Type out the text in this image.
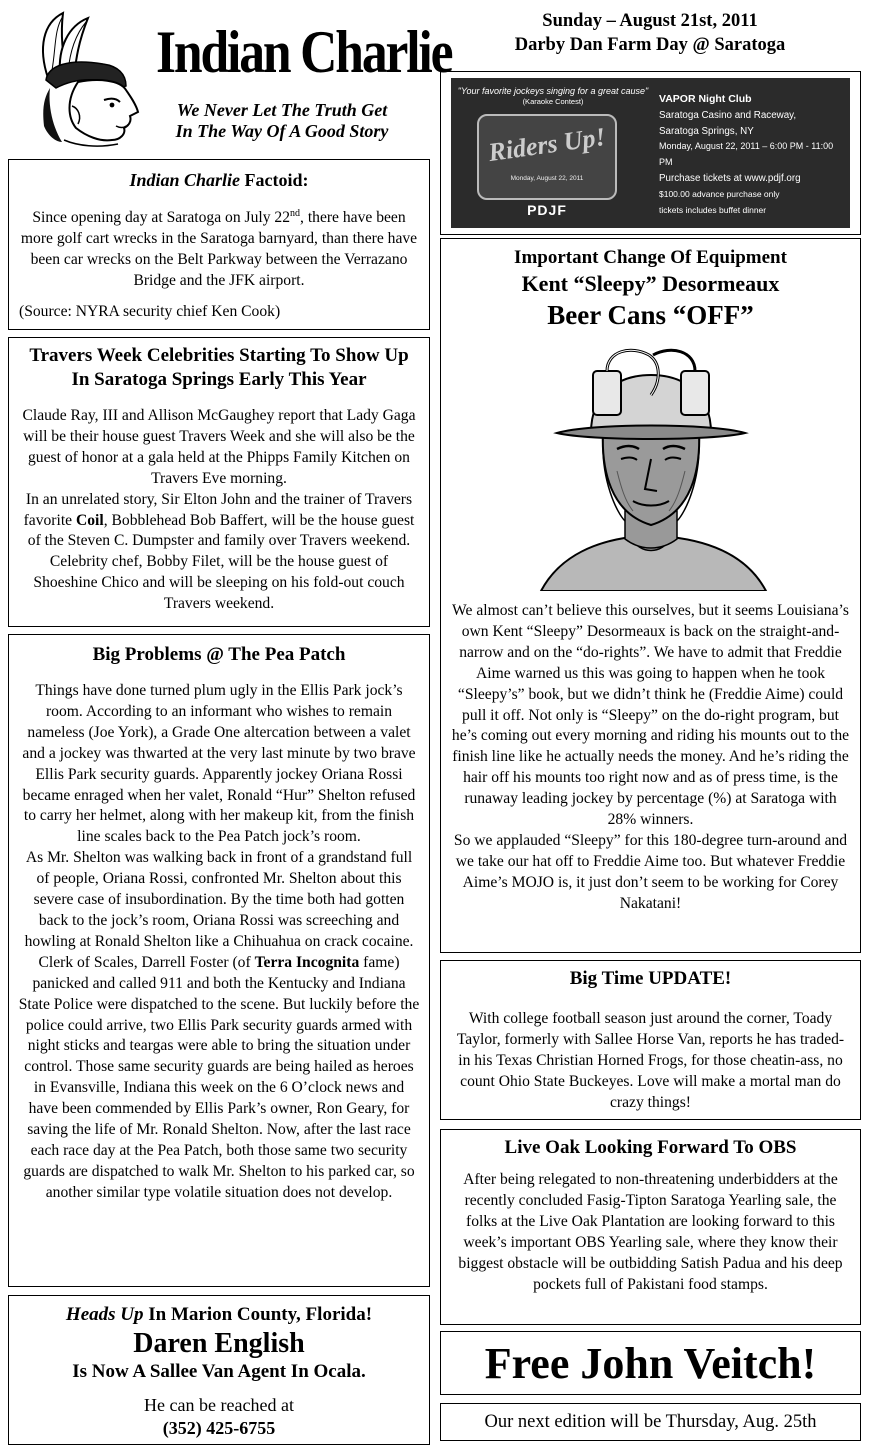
Indian Charlie
We Never Let The Truth Get
In The Way Of A Good Story
Sunday – August 21st, 2011
Darby Dan Farm Day @ Saratoga
"Your favorite jockeys singing for a great cause"
(Karaoke Contest)
Riders Up!
Monday, August 22, 2011
PDJF
VAPOR Night Club
Saratoga Casino and Raceway,
Saratoga Springs, NY
Monday, August 22, 2011 – 6:00 PM - 11:00 PM
Purchase tickets at www.pdjf.org
$100.00 advance purchase only
tickets includes buffet dinner
Indian Charlie Factoid:

Since opening day at Saratoga on July 22nd, there have been more golf cart wrecks in the Saratoga barnyard, than there have been car wrecks on the Belt Parkway between the Verrazano Bridge and the JFK airport.

(Source: NYRA security chief Ken Cook)

Travers Week Celebrities Starting To Show Up In Saratoga Springs Early This Year

Claude Ray, III and Allison McGaughey report that Lady Gaga will be their house guest Travers Week and she will also be the guest of honor at a gala held at the Phipps Family Kitchen on Travers Eve morning.

In an unrelated story, Sir Elton John and the trainer of Travers favorite Coil, Bobblehead Bob Baffert, will be the house guest of the Steven C. Dumpster and family over Travers weekend. Celebrity chef, Bobby Filet, will be the house guest of Shoeshine Chico and will be sleeping on his fold-out couch Travers weekend.

Big Problems @ The Pea Patch

Things have done turned plum ugly in the Ellis Park jock’s room. According to an informant who wishes to remain nameless (Joe York), a Grade One altercation between a valet and a jockey was thwarted at the very last minute by two brave Ellis Park security guards. Apparently jockey Oriana Rossi became enraged when her valet, Ronald “Hur” Shelton refused to carry her helmet, along with her makeup kit, from the finish line scales back to the Pea Patch jock’s room.

As Mr. Shelton was walking back in front of a grandstand full of people, Oriana Rossi, confronted Mr. Shelton about this severe case of insubordination. By the time both had gotten back to the jock’s room, Oriana Rossi was screeching and howling at Ronald Shelton like a Chihuahua on crack cocaine.

Clerk of Scales, Darrell Foster (of Terra Incognita fame) panicked and called 911 and both the Kentucky and Indiana State Police were dispatched to the scene. But luckily before the police could arrive, two Ellis Park security guards armed with night sticks and teargas were able to bring the situation under control. Those same security guards are being hailed as heroes in Evansville, Indiana this week on the 6 O’clock news and have been commended by Ellis Park’s owner, Ron Geary, for saving the life of Mr. Ronald Shelton. Now, after the last race each race day at the Pea Patch, both those same two security guards are dispatched to walk Mr. Shelton to his parked car, so another similar type volatile situation does not develop.

Heads Up In Marion County, Florida!
Daren English
Is Now A Sallee Van Agent In Ocala.
He can be reached at
(352) 425-6755
Important Change Of Equipment
Kent “Sleepy” Desormeaux
Beer Cans “OFF”

We almost can’t believe this ourselves, but it seems Louisiana’s own Kent “Sleepy” Desormeaux is back on the straight-and-narrow and on the “do-rights”. We have to admit that Freddie Aime warned us this was going to happen when he took “Sleepy’s” book, but we didn’t think he (Freddie Aime) could pull it off. Not only is “Sleepy” on the do-right program, but he’s coming out every morning and riding his mounts out to the finish line like he actually needs the money. And he’s riding the hair off his mounts too right now and as of press time, is the runaway leading jockey by percentage (%) at Saratoga with 28% winners.

So we applauded “Sleepy” for this 180-degree turn-around and we take our hat off to Freddie Aime too. But whatever Freddie Aime’s MOJO is, it just don’t seem to be working for Corey Nakatani!

Big Time UPDATE!

With college football season just around the corner, Toady Taylor, formerly with Sallee Horse Van, reports he has traded-in his Texas Christian Horned Frogs, for those cheatin-ass, no count Ohio State Buckeyes. Love will make a mortal man do crazy things!

Live Oak Looking Forward To OBS

After being relegated to non-threatening underbidders at the recently concluded Fasig-Tipton Saratoga Yearling sale, the folks at the Live Oak Plantation are looking forward to this week’s important OBS Yearling sale, where they know their biggest obstacle will be outbidding Satish Padua and his deep pockets full of Pakistani food stamps.

Free John Veitch!
Our next edition will be Thursday, Aug. 25th
